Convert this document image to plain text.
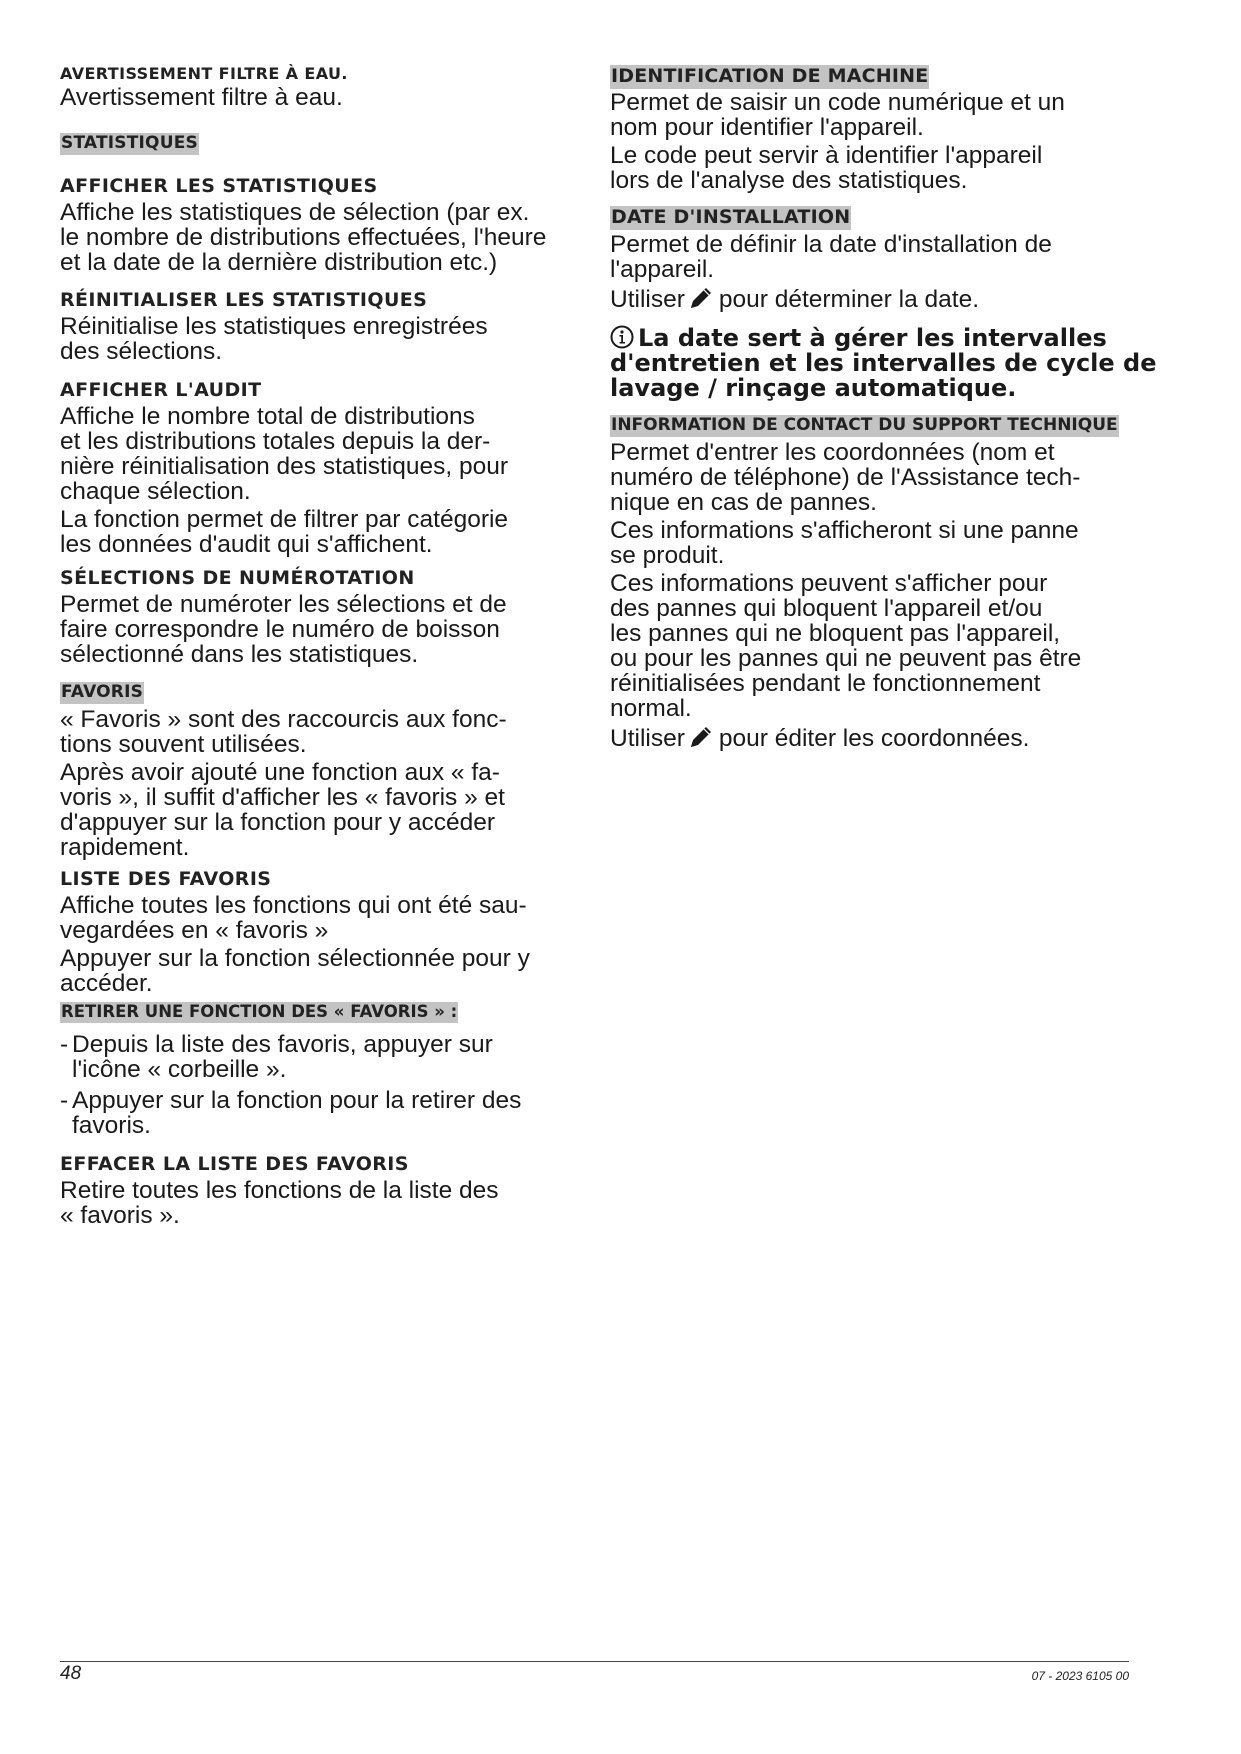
AVERTISSEMENT FILTRE À EAU.
Avertissement filtre à eau.
STATISTIQUES
AFFICHER LES STATISTIQUES
Affiche les statistiques de sélection (par ex.
le nombre de distributions effectuées, l'heure
et la date de la dernière distribution etc.)
RÉINITIALISER LES STATISTIQUES
Réinitialise les statistiques enregistrées
des sélections.
AFFICHER L'AUDIT
Affiche le nombre total de distributions
et les distributions totales depuis la der-
nière réinitialisation des statistiques, pour
chaque sélection.
La fonction permet de filtrer par catégorie
les données d'audit qui s'affichent.
SÉLECTIONS DE NUMÉROTATION
Permet de numéroter les sélections et de
faire correspondre le numéro de boisson
sélectionné dans les statistiques.
FAVORIS
« Favoris » sont des raccourcis aux fonc-
tions souvent utilisées.
Après avoir ajouté une fonction aux « fa-
voris », il suffit d'afficher les « favoris » et
d'appuyer sur la fonction pour y accéder
rapidement.
LISTE DES FAVORIS
Affiche toutes les fonctions qui ont été sau-
vegardées en « favoris »
Appuyer sur la fonction sélectionnée pour y
accéder.
RETIRER UNE FONCTION DES « FAVORIS » :
- Depuis la liste des favoris, appuyer sur
l'icône « corbeille ».
- Appuyer sur la fonction pour la retirer des
favoris.
EFFACER LA LISTE DES FAVORIS
Retire toutes les fonctions de la liste des
« favoris ».
IDENTIFICATION DE MACHINE
Permet de saisir un code numérique et un
nom pour identifier l'appareil.
Le code peut servir à identifier l'appareil
lors de l'analyse des statistiques.
DATE D'INSTALLATION
Permet de définir la date d'installation de
l'appareil.
Utiliser pour déterminer la date.
La date sert à gérer les intervalles
d'entretien et les intervalles de cycle de
lavage / rinçage automatique.
INFORMATION DE CONTACT DU SUPPORT TECHNIQUE
Permet d'entrer les coordonnées (nom et
numéro de téléphone) de l'Assistance tech-
nique en cas de pannes.
Ces informations s'afficheront si une panne
se produit.
Ces informations peuvent s'afficher pour
des pannes qui bloquent l'appareil et/ou
les pannes qui ne bloquent pas l'appareil,
ou pour les pannes qui ne peuvent pas être
réinitialisées pendant le fonctionnement
normal.
Utiliser pour éditer les coordonnées.
48	07 - 2023 6105 00
